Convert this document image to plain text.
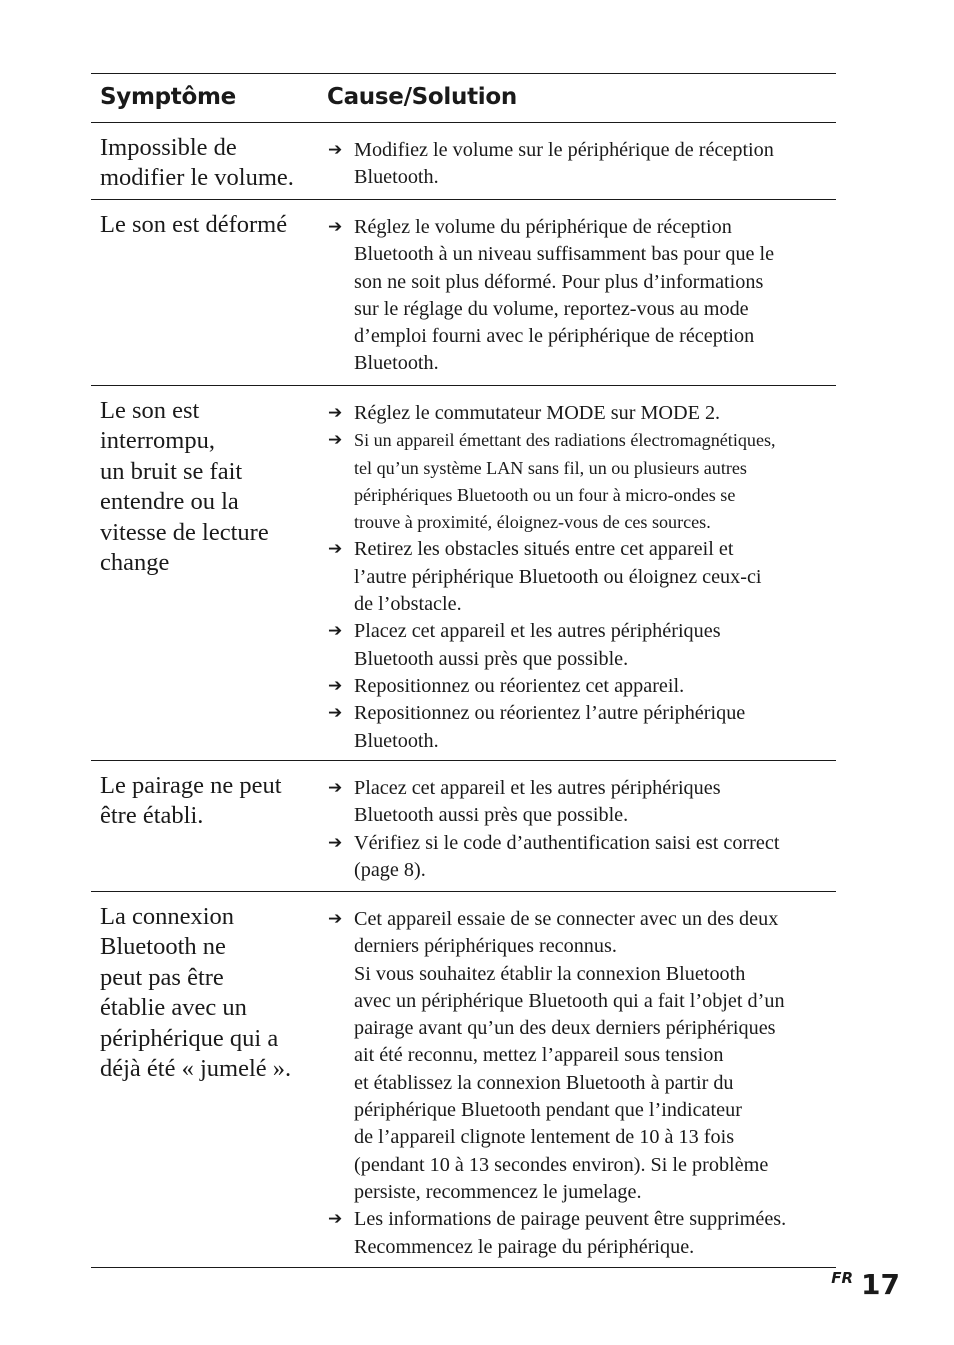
Symptôme	Cause/Solution
Impossible de
modifier le volume.
➔ Modifiez le volume sur le périphérique de réception
Bluetooth.
Le son est déformé	➔ Réglez le volume du périphérique de réception
Bluetooth à un niveau suffisamment bas pour que le
son ne soit plus déformé. Pour plus d’informations
sur le réglage du volume, reportez-vous au mode
d’emploi fourni avec le périphérique de réception
Bluetooth.
Le son est
interrompu,
un bruit se fait
entendre ou la
vitesse de lecture
change
➔ Réglez le commutateur MODE sur MODE 2.
➔ Si un appareil émettant des radiations électromagnétiques,
tel qu’un système LAN sans fil, un ou plusieurs autres
périphériques Bluetooth ou un four à micro-ondes se
trouve à proximité, éloignez-vous de ces sources.
➔ Retirez les obstacles situés entre cet appareil et
l’autre périphérique Bluetooth ou éloignez ceux-ci
de l’obstacle.
➔ Placez cet appareil et les autres périphériques
Bluetooth aussi près que possible.
➔ Repositionnez ou réorientez cet appareil.
➔ Repositionnez ou réorientez l’autre périphérique
Bluetooth.
Le pairage ne peut
être établi.
➔ Placez cet appareil et les autres périphériques
Bluetooth aussi près que possible.
➔ Vérifiez si le code d’authentification saisi est correct
(page 8).
La connexion
Bluetooth ne
peut pas être
établie avec un
périphérique qui a
déjà été « jumelé ».
➔ Cet appareil essaie de se connecter avec un des deux
derniers périphériques reconnus.
Si vous souhaitez établir la connexion Bluetooth
avec un périphérique Bluetooth qui a fait l’objet d’un
pairage avant qu’un des deux derniers périphériques
ait été reconnu, mettez l’appareil sous tension
et établissez la connexion Bluetooth à partir du
périphérique Bluetooth pendant que l’indicateur
de l’appareil clignote lentement de 10 à 13 fois
(pendant 10 à 13 secondes environ). Si le problème
persiste, recommencez le jumelage.
➔ Les informations de pairage peuvent être supprimées.
Recommencez le pairage du périphérique.
FR 17
